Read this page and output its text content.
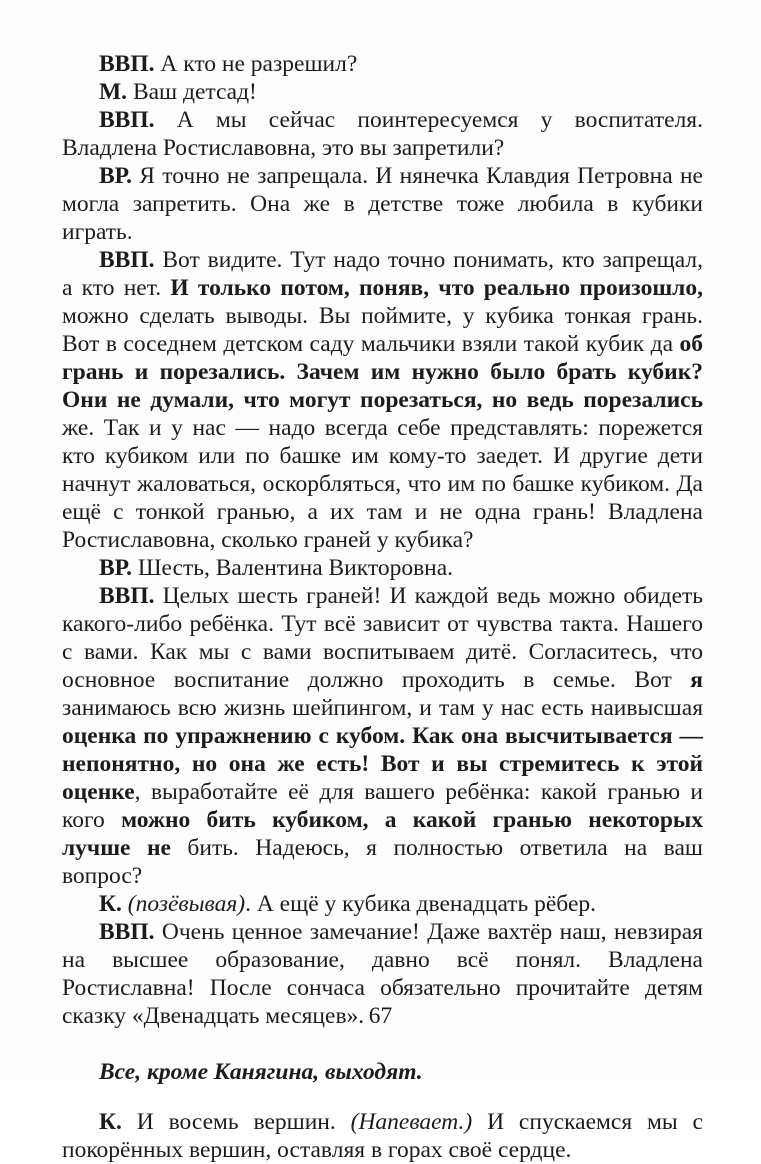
ВВП. А кто не разрешил?

М. Ваш детсад!

ВВП. А мы сейчас поинтересуемся у воспитателя. Владлена Ростиславовна, это вы запретили?

ВР. Я точно не запрещала. И нянечка Клавдия Петровна не могла запретить. Она же в детстве тоже любила в кубики играть.

ВВП. Вот видите. Тут надо точно понимать, кто запрещал, а кто нет. И только потом, поняв, что реально произошло, можно сделать выводы. Вы поймите, у кубика тонкая грань. Вот в соседнем детском саду мальчики взяли такой кубик да об грань и порезались. Зачем им нужно было брать кубик? Они не думали, что могут порезаться, но ведь порезались же. Так и у нас — надо всегда себе представлять: порежется кто кубиком или по башке им кому-то заедет. И другие дети начнут жаловаться, оскорбляться, что им по башке кубиком. Да ещё с тонкой гранью, а их там и не одна грань! Владлена Ростиславовна, сколько граней у кубика?

ВР. Шесть, Валентина Викторовна.

ВВП. Целых шесть граней! И каждой ведь можно обидеть какого-либо ребёнка. Тут всё зависит от чувства такта. Нашего с вами. Как мы с вами воспитываем дитё. Согласитесь, что основное воспитание должно проходить в семье. Вот я занимаюсь всю жизнь шейпингом, и там у нас есть наивысшая оценка по упражнению с кубом. Как она высчитывается — непонятно, но она же есть! Вот и вы стремитесь к этой оценке, выработайте её для вашего ребёнка: какой гранью и кого можно бить кубиком, а какой гранью некоторых лучше не бить. Надеюсь, я полностью ответила на ваш вопрос?

К. (позёвывая). А ещё у кубика двенадцать рёбер.

ВВП. Очень ценное замечание! Даже вахтёр наш, невзирая на высшее образование, давно всё понял. Владлена Ростиславна! После сончаса обязательно прочитайте детям сказку «Двенадцать месяцев».

Все, кроме Канягина, выходят.

К. И восемь вершин. (Напевает.) И спускаемся мы с покорённых вершин, оставляя в горах своё сердце.

67
